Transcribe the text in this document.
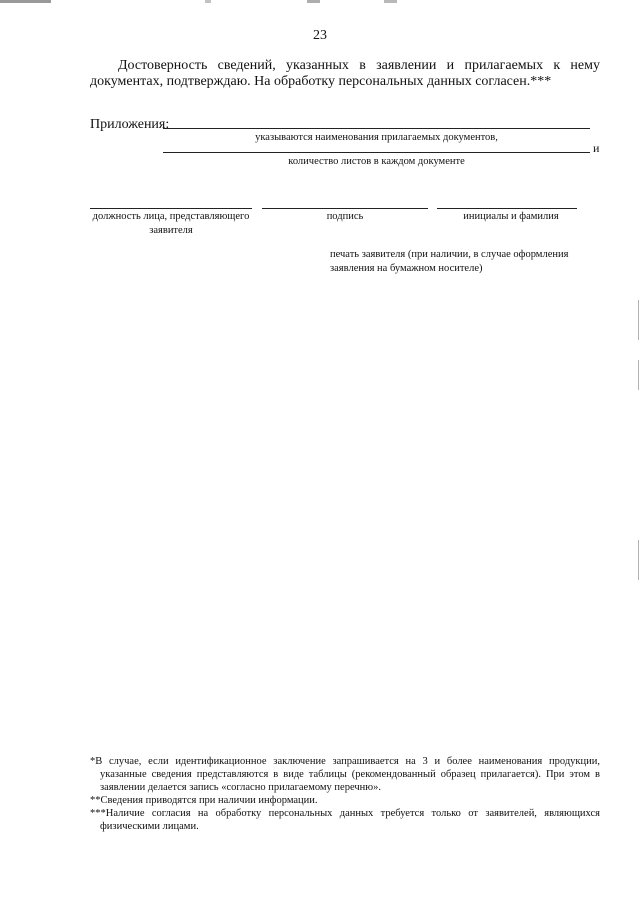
23
Достоверность сведений, указанных в заявлении и прилагаемых к нему документах, подтверждаю. На обработку персональных данных согласен.***
Приложения:
указываются наименования прилагаемых документов,
и
количество листов в каждом документе
должность лица, представляющего заявителя
подпись	инициалы и фамилия
печать заявителя (при наличии, в случае оформления заявления на бумажном носителе)

*В случае, если идентификационное заключение запрашивается на 3 и более наименования продукции, указанные сведения представляются в виде таблицы (рекомендованный образец прилагается). При этом в заявлении делается запись «согласно прилагаемому перечню».

**Сведения приводятся при наличии информации.

***Наличие согласия на обработку персональных данных требуется только от заявителей, являющихся физическими лицами.
